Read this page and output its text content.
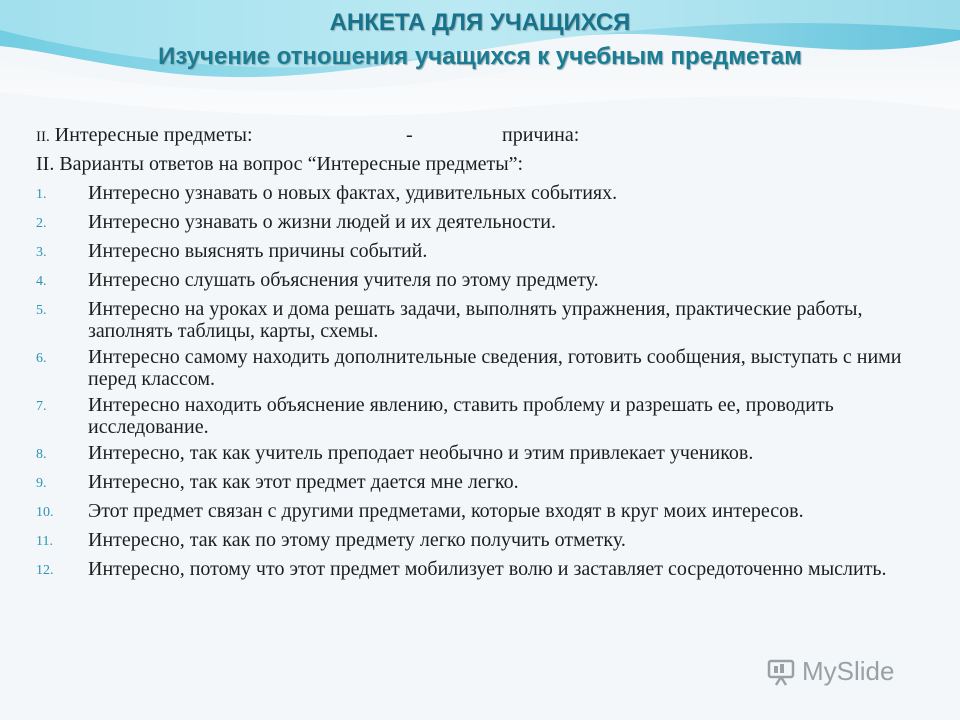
АНКЕТА ДЛЯ УЧАЩИХСЯ
Изучение отношения учащихся к учебным предметам
II. Интересные предметы:	-	причина:
II. Варианты ответов на вопрос “Интересные предметы”:
1.	Интересно узнавать о новых фактах, удивительных событиях.
2.	Интересно узнавать о жизни людей и их деятельности.
3.	Интересно выяснять причины событий.
4.	Интересно слушать объяснения учителя по этому предмету.
5.	Интересно на уроках и дома решать задачи, выполнять упражнения, практические работы, заполнять таблицы, карты, схемы.
6.	Интересно самому находить дополнительные сведения, готовить сообщения, выступать с ними перед классом.
7.	Интересно находить объяснение явлению, ставить проблему и разрешать ее, проводить исследование.
8.	Интересно, так как учитель преподает необычно и этим привлекает учеников.
9.	Интересно, так как этот предмет дается мне легко.
10.	Этот предмет связан с другими предметами, которые входят в круг моих интересов.
11.	Интересно, так как по этому предмету легко получить отметку.
12.	Интересно, потому что этот предмет мобилизует волю и заставляет сосредоточенно мыслить.
MySlide
